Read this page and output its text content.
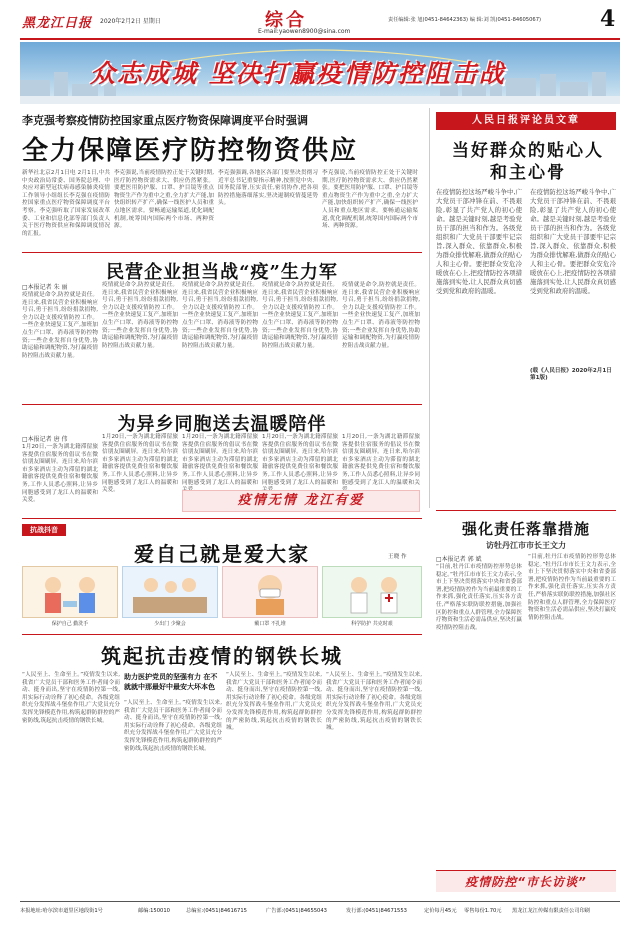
黑龙江日报 2020年2月2日 星期日	综合
E-mail:yaowen8900@sina.com
责任编辑:张 旭(0451-84642363) 编 辑:刘 凯(0451-84605067)	4
众志成城 坚决打赢疫情防控阻击战
李克强考察疫情防控国家重点医疗物资保障调度平台时强调
全力保障医疗防控物资供应
新华社北京2月1日电 2月1日,中共中央政治局常委、国务院总理、中央应对新型冠状病毒感染肺炎疫情工作领导小组组长李克强在疫情防控国家重点医疗物资保障调度平台考察。李克强听取了国家发展改革委、工业和信息化部等部门负责人关于医疗物资供应和保障调度情况的汇报。
李克强说,当前疫情防控正处于关键时期,医疗防控物资需求大、供应仍然紧张。要把医用防护服、口罩、护目镜等重点物资生产作为重中之重,全力扩大产能,加快组织转产扩产,确保一线医护人员和重点地区需求。要畅通运输渠道,优化调配机制,统筹国内国际两个市场、两种资源。
李克强强调,各地区各部门要坚决贯彻习近平总书记重要指示精神,按照党中央、国务院部署,压实责任,密切协作,把各项防控措施落细落实,坚决遏制疫情蔓延势头。
李克强说,当前疫情防控正处于关键时期,医疗防控物资需求大、供应仍然紧张。要把医用防护服、口罩、护目镜等重点物资生产作为重中之重,全力扩大产能,加快组织转产扩产,确保一线医护人员和重点地区需求。要畅通运输渠道,优化调配机制,统筹国内国际两个市场、两种资源。
人民日报评论员文章
当好群众的贴心人和主心骨
在疫情防控这场严峻斗争中,广大党员干部冲锋在前、不畏艰险,彰显了共产党人的初心使命。越是关键时刻,越是考验党员干部的担当和作为。各级党组织和广大党员干部要牢记宗旨,深入群众、依靠群众,积极为群众排忧解难,做群众的贴心人和主心骨。要把群众安危冷暖放在心上,把疫情防控各项措施落到实处,让人民群众真切感受到党和政府的温暖。
在疫情防控这场严峻斗争中,广大党员干部冲锋在前、不畏艰险,彰显了共产党人的初心使命。越是关键时刻,越是考验党员干部的担当和作为。各级党组织和广大党员干部要牢记宗旨,深入群众、依靠群众,积极为群众排忧解难,做群众的贴心人和主心骨。要把群众安危冷暖放在心上,把疫情防控各项措施落到实处,让人民群众真切感受到党和政府的温暖。
(载《人民日报》2020年2月1日 第1版)
民营企业担当战“疫”生力军
□本报记者 朱 丽
疫情就是命令,防控就是责任。连日来,我省民营企业积极响应号召,勇于担当,纷纷捐款捐物,全力以赴支援疫情防控工作。一些企业快速复工复产,加班加点生产口罩、消毒液等防控物资;一些企业发挥自身优势,协助运输和调配物资,为打赢疫情防控阻击战贡献力量。
疫情就是命令,防控就是责任。连日来,我省民营企业积极响应号召,勇于担当,纷纷捐款捐物,全力以赴支援疫情防控工作。一些企业快速复工复产,加班加点生产口罩、消毒液等防控物资;一些企业发挥自身优势,协助运输和调配物资,为打赢疫情防控阻击战贡献力量。
疫情就是命令,防控就是责任。连日来,我省民营企业积极响应号召,勇于担当,纷纷捐款捐物,全力以赴支援疫情防控工作。一些企业快速复工复产,加班加点生产口罩、消毒液等防控物资;一些企业发挥自身优势,协助运输和调配物资,为打赢疫情防控阻击战贡献力量。
疫情就是命令,防控就是责任。连日来,我省民营企业积极响应号召,勇于担当,纷纷捐款捐物,全力以赴支援疫情防控工作。一些企业快速复工复产,加班加点生产口罩、消毒液等防控物资;一些企业发挥自身优势,协助运输和调配物资,为打赢疫情防控阻击战贡献力量。
疫情就是命令,防控就是责任。连日来,我省民营企业积极响应号召,勇于担当,纷纷捐款捐物,全力以赴支援疫情防控工作。一些企业快速复工复产,加班加点生产口罩、消毒液等防控物资;一些企业发挥自身优势,协助运输和调配物资,为打赢疫情防控阻击战贡献力量。
为异乡同胞送去温暖陪伴
□本报记者 唐 伟
1月20日,一条为湖北籍滞留旅客提供住宿服务的倡议书在微信朋友圈刷屏。连日来,哈尔滨市多家酒店主动为滞留的湖北籍旅客提供免费住宿和餐饮服务,工作人员悉心照料,让异乡同胞感受到了龙江人的温暖和关爱。
1月20日,一条为湖北籍滞留旅客提供住宿服务的倡议书在微信朋友圈刷屏。连日来,哈尔滨市多家酒店主动为滞留的湖北籍旅客提供免费住宿和餐饮服务,工作人员悉心照料,让异乡同胞感受到了龙江人的温暖和关爱。
1月20日,一条为湖北籍滞留旅客提供住宿服务的倡议书在微信朋友圈刷屏。连日来,哈尔滨市多家酒店主动为滞留的湖北籍旅客提供免费住宿和餐饮服务,工作人员悉心照料,让异乡同胞感受到了龙江人的温暖和
1月20日,一条为湖北籍滞留旅客提供住宿服务的倡议书在微信朋友圈刷屏。连日来,哈尔滨市多家酒店主动为滞留的湖北籍旅客提供免费住宿和餐饮服务,工作人员悉心照料,让异乡同胞感受到了龙江人的温暖和
1月20日,一条为湖北籍滞留旅客提供住宿服务的倡议书在微信朋友圈刷屏。连日来,哈尔滨市多家酒店主动为滞留的湖北籍旅客提供免费住宿和餐饮服务,工作人员悉心照料,让异乡同胞感受到了龙江人的温暖和关
疫情无情 龙江有爱
抗战抖音
爱自己就是爱大家	王晓 作
保护自己 勤洗手	少出门 少聚会	戴口罩 不扎堆	科学防护 共克时艰
筑起抗击疫情的钢铁长城
“人民至上、生命至上。”疫情发生以来,我省广大党员干部和医务工作者闻令而动、挺身而出,坚守在疫情防控第一线,用实际行动诠释了初心使命。各级党组织充分发挥战斗堡垒作用,广大党员充分发挥先锋模范作用,构筑起群防群控的严密防线,筑起抗击疫情的钢铁长城。
助力医护党员的坚强有力 在不就就中那最好中最安大坏本色
“人民至上、生命至上。”疫情发生以来,我省广大党员干部和医务工作者闻令而动、挺身而出,坚守在疫情防控第一线,用实际行动诠释了初心使命。各级党组织充分发挥战斗堡垒作用,广大党员充分发挥先锋模范作用,构筑起群防群控的严密防线,筑起抗击疫情的钢铁长城。
“人民至上、生命至上。”疫情发生以来,我省广大党员干部和医务工作者闻令而动、挺身而出,坚守在疫情防控第一线,用实际行动诠释了初心使命。各级党组织充分发挥战斗堡垒作用,广大党员充分发挥先锋模范作用,构筑起群防群控的严密防线,筑起抗击疫情的钢铁长城。
“人民至上、生命至上。”疫情发生以来,我省广大党员干部和医务工作者闻令而动、挺身而出,坚守在疫情防控第一线,用实际行动诠释了初心使命。各级党组织充分发挥战斗堡垒作用,广大党员充分发挥先锋模范作用,构筑起群防群控的严密防线,筑起抗击疫情的钢铁长城。
强化责任落靠措施
访牡丹江市市长王文力
□本报记者 郭 斌
“目前,牡丹江市疫情防控形势总体稳定。”牡丹江市市长王文力表示,全市上下坚决贯彻落实中央和省委部署,把疫情防控作为当前最重要的工作来抓,强化责任落实,压实各方责任,严格落实联防联控措施,加强社区防控和重点人群管理,全力保障医疗物资和生活必需品供应,坚决打赢疫情防控阻击战。
“目前,牡丹江市疫情防控形势总体稳定。”牡丹江市市长王文力表示,全市上下坚决贯彻落实中央和省委部署,把疫情防控作为当前最重要的工作来抓,强化责任落实,压实各方责任,严格落实联防联控措施,加强社区防控和重点人群管理,全力保障医疗物资和生活必需品供应,坚决打赢疫情防控阻击战。
疫情防控“市长访谈”
本报地址:哈尔滨市道里区地段街1号	邮编:150010	总编室:(0451)84616715	广告部:(0451)84655043	发行部:(0451)84671553	定价每月45元 零售每份1.70元 黑龙江龙江传媒有限责任公司印刷
